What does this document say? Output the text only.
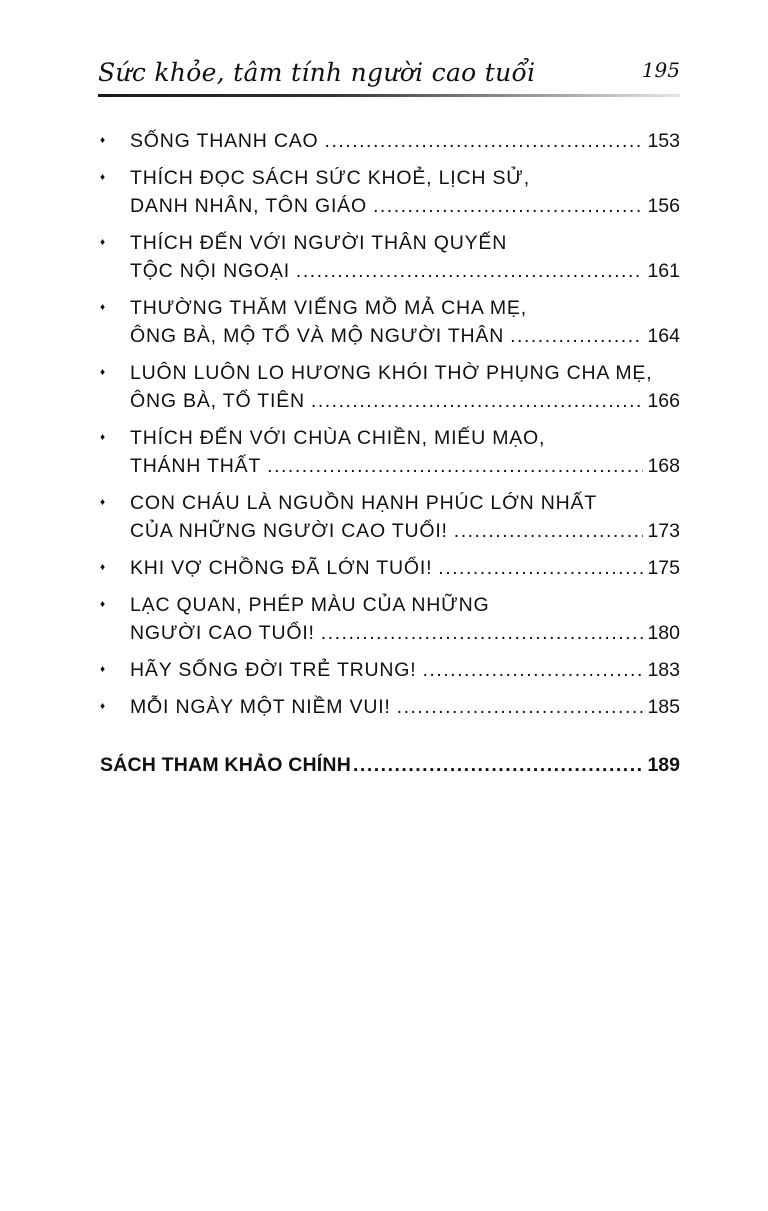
Sức khỏe, tâm tính người cao tuổi	195
♦	SỐNG THANH CAO .....	153
♦	THÍCH ĐỌC SÁCH SỨC KHOẺ, LỊCH SỬ,
DANH NHÂN, TÔN GIÁO .....	156
♦	THÍCH ĐẾN VỚI NGƯỜI THÂN QUYẾN
TỘC NỘI NGOẠI .....	161
♦	THƯỜNG THĂM VIẾNG MỒ MẢ CHA MẸ,
ÔNG BÀ, MỘ TỔ VÀ MỘ NGƯỜI THÂN .....	164
♦	LUÔN LUÔN LO HƯƠNG KHÓI THỜ PHỤNG CHA MẸ,
ÔNG BÀ, TỔ TIÊN .....	166
♦	THÍCH ĐẾN VỚI CHÙA CHIỀN, MIẾU MẠO,
THÁNH THẤT .....	168
♦	CON CHÁU LÀ NGUỒN HẠNH PHÚC LỚN NHẤT
CỦA NHỮNG NGƯỜI CAO TUỔI! .....	173
♦	KHI VỢ CHỒNG ĐÃ LỚN TUỔI! .....	175
♦	LẠC QUAN, PHÉP MÀU CỦA NHỮNG
NGƯỜI CAO TUỔI! .....	180
♦	HÃY SỐNG ĐỜI TRẺ TRUNG! .....	183
♦	MỖI NGÀY MỘT NIỀM VUI! .....	185
SÁCH THAM KHẢO CHÍNH .....	189
